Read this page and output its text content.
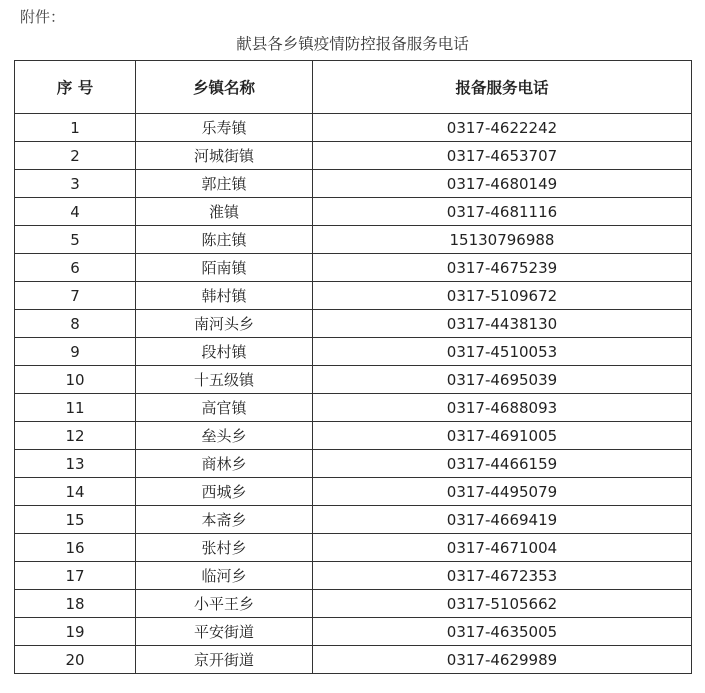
附件：
献县各乡镇疫情防控报备服务电话
序 号	乡镇名称	报备服务电话
1	乐寿镇	0317-4622242
2	河城街镇	0317-4653707
3	郭庄镇	0317-4680149
4	淮镇	0317-4681116
5	陈庄镇	15130796988
6	陌南镇	0317-4675239
7	韩村镇	0317-5109672
8	南河头乡	0317-4438130
9	段村镇	0317-4510053
10	十五级镇	0317-4695039
11	高官镇	0317-4688093
12	垒头乡	0317-4691005
13	商林乡	0317-4466159
14	西城乡	0317-4495079
15	本斋乡	0317-4669419
16	张村乡	0317-4671004
17	临河乡	0317-4672353
18	小平王乡	0317-5105662
19	平安街道	0317-4635005
20	京开街道	0317-4629989
